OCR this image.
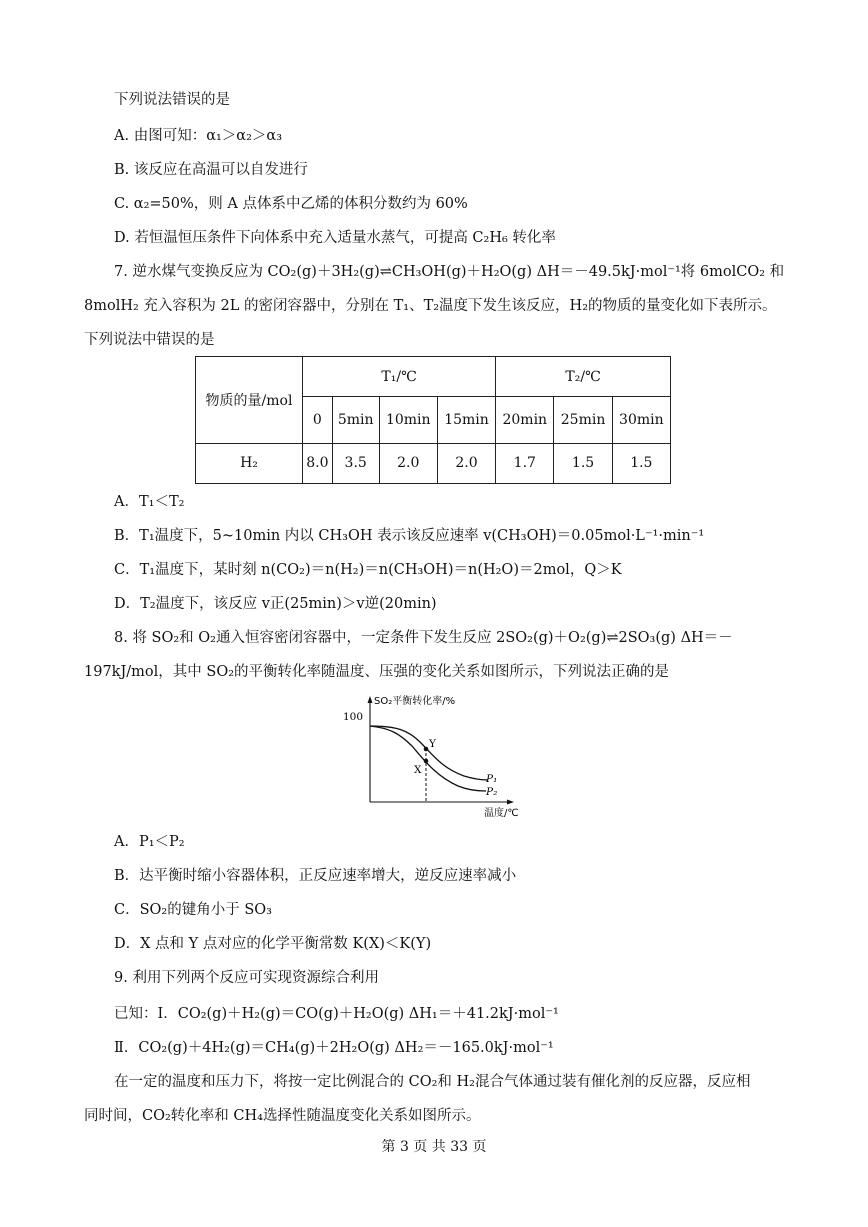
下列说法错误的是
A. 由图可知：α₁＞α₂＞α₃
B. 该反应在高温可以自发进行
C. α₂=50%，则 A 点体系中乙烯的体积分数约为 60%
D. 若恒温恒压条件下向体系中充入适量水蒸气，可提高 C₂H₆ 转化率
7. 逆水煤气变换反应为 CO₂(g)＋3H₂(g)⇌CH₃OH(g)＋H₂O(g) ΔH＝－49.5kJ·mol⁻¹将 6molCO₂ 和
8molH₂ 充入容积为 2L 的密闭容器中，分别在 T₁、T₂温度下发生该反应，H₂的物质的量变化如下表所示。
下列说法中错误的是
物质的量/mol	T₁/℃				T₂/℃		
	0	5min	10min	15min	20min	25min	30min
H₂	8.0	3.5	2.0	2.0	1.7	1.5	1.5
A．T₁＜T₂
B．T₁温度下，5~10min 内以 CH₃OH 表示该反应速率 v(CH₃OH)＝0.05mol·L⁻¹·min⁻¹
C．T₁温度下，某时刻 n(CO₂)＝n(H₂)＝n(CH₃OH)＝n(H₂O)＝2mol，Q＞K
D．T₂温度下，该反应 v正(25min)＞v逆(20min)
8. 将 SO₂和 O₂通入恒容密闭容器中，一定条件下发生反应 2SO₂(g)＋O₂(g)⇌2SO₃(g) ΔH＝－
197kJ/mol，其中 SO₂的平衡转化率随温度、压强的变化关系如图所示，下列说法正确的是
100
SO₂平衡转化率/%
温度/℃
Y
X
P₁
P₂
A．P₁＜P₂
B．达平衡时缩小容器体积，正反应速率增大，逆反应速率减小
C．SO₂的键角小于 SO₃
D．X 点和 Y 点对应的化学平衡常数 K(X)＜K(Y)
9. 利用下列两个反应可实现资源综合利用
已知：Ⅰ．CO₂(g)＋H₂(g)＝CO(g)＋H₂O(g) ΔH₁＝＋41.2kJ·mol⁻¹
Ⅱ．CO₂(g)＋4H₂(g)＝CH₄(g)＋2H₂O(g) ΔH₂＝－165.0kJ·mol⁻¹
在一定的温度和压力下，将按一定比例混合的 CO₂和 H₂混合气体通过装有催化剂的反应器，反应相
同时间，CO₂转化率和 CH₄选择性随温度变化关系如图所示。
第 3 页 共 33 页
